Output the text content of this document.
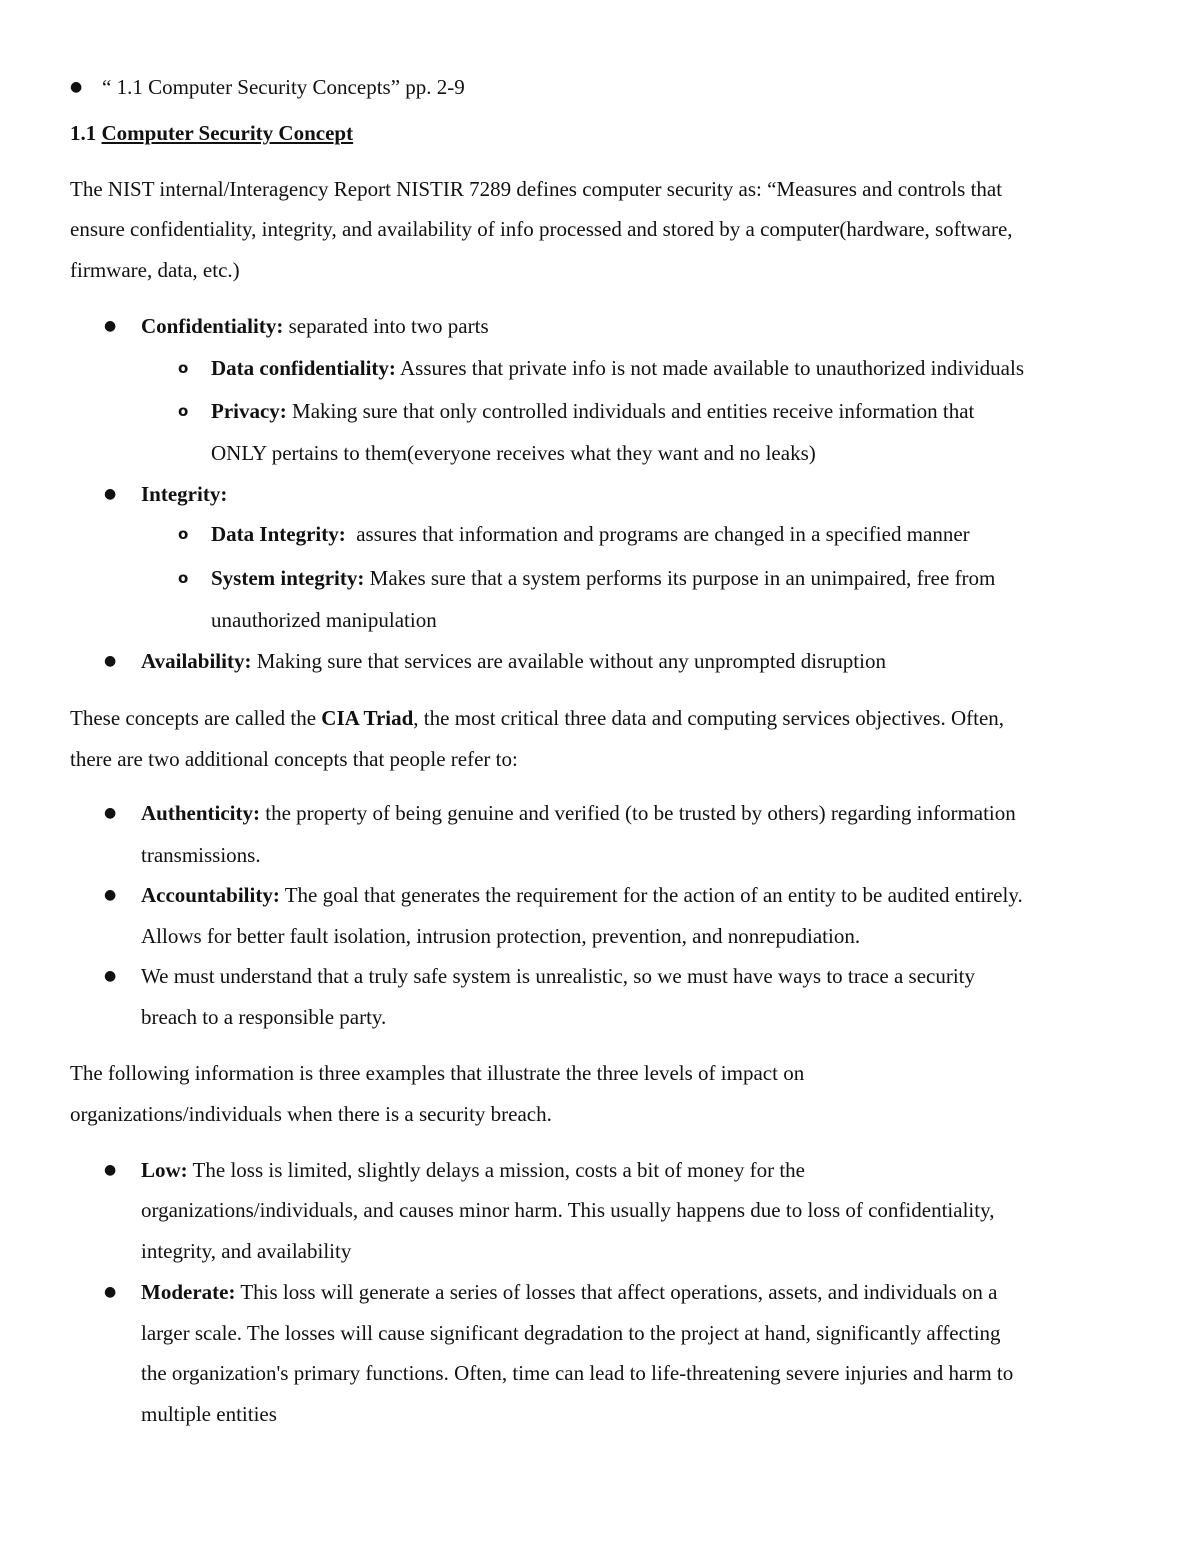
● “ 1.1 Computer Security Concepts” pp. 2-9
1.1 Computer Security Concept
The NIST internal/Interagency Report NISTIR 7289 defines computer security as: “Measures and controls that
ensure confidentiality, integrity, and availability of info processed and stored by a computer(hardware, software,
firmware, data, etc.)
● Confidentiality: separated into two parts
o Data confidentiality: Assures that private info is not made available to unauthorized individuals
o Privacy: Making sure that only controlled individuals and entities receive information that
ONLY pertains to them(everyone receives what they want and no leaks)
● Integrity:
o Data Integrity:  assures that information and programs are changed in a specified manner
o System integrity: Makes sure that a system performs its purpose in an unimpaired, free from
unauthorized manipulation
● Availability: Making sure that services are available without any unprompted disruption
These concepts are called the CIA Triad, the most critical three data and computing services objectives. Often,
there are two additional concepts that people refer to:
● Authenticity: the property of being genuine and verified (to be trusted by others) regarding information
transmissions.
● Accountability: The goal that generates the requirement for the action of an entity to be audited entirely.
Allows for better fault isolation, intrusion protection, prevention, and nonrepudiation.
● We must understand that a truly safe system is unrealistic, so we must have ways to trace a security
breach to a responsible party.
The following information is three examples that illustrate the three levels of impact on
organizations/individuals when there is a security breach.
● Low: The loss is limited, slightly delays a mission, costs a bit of money for the
organizations/individuals, and causes minor harm. This usually happens due to loss of confidentiality,
integrity, and availability
● Moderate: This loss will generate a series of losses that affect operations, assets, and individuals on a
larger scale. The losses will cause significant degradation to the project at hand, significantly affecting
the organization's primary functions. Often, time can lead to life-threatening severe injuries and harm to
multiple entities
